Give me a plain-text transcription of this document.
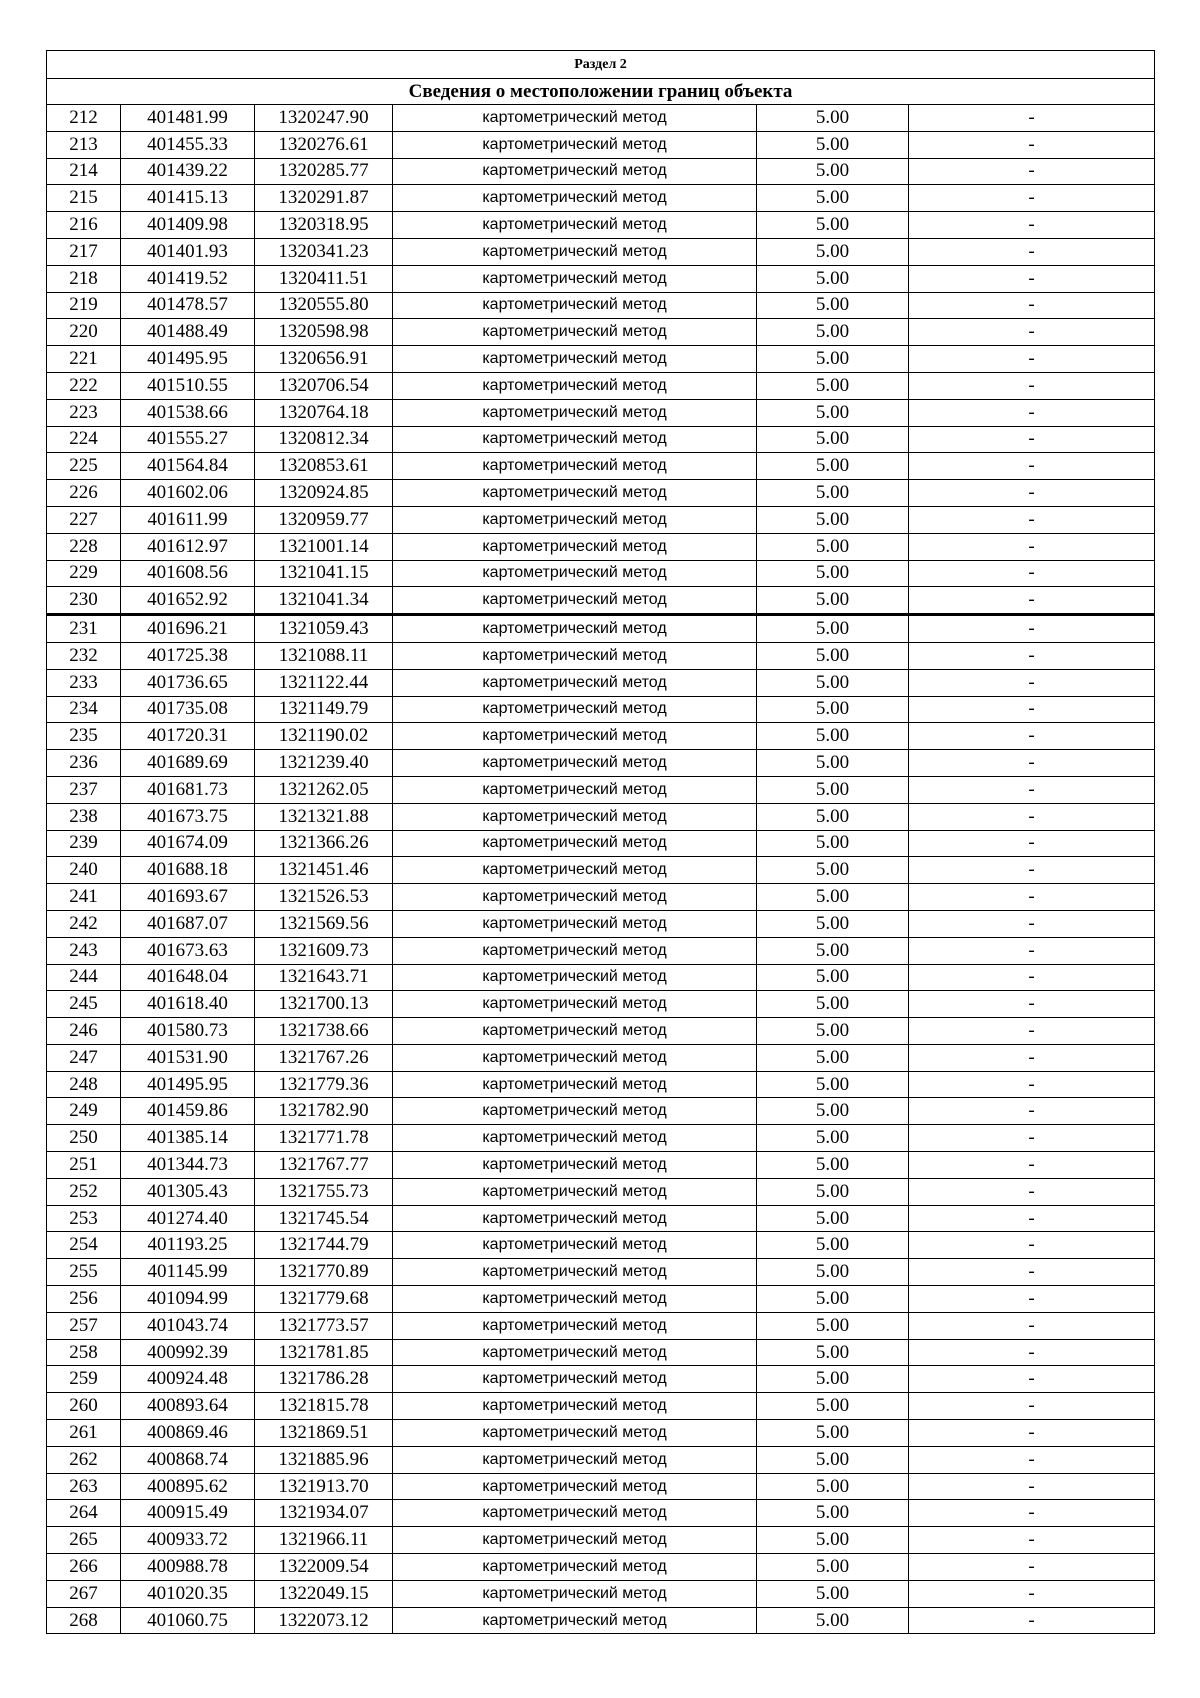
Раздел 2					
Сведения о местоположении границ объекта					
212	401481.99	1320247.90	картометрический метод	5.00	-
213	401455.33	1320276.61	картометрический метод	5.00	-
214	401439.22	1320285.77	картометрический метод	5.00	-
215	401415.13	1320291.87	картометрический метод	5.00	-
216	401409.98	1320318.95	картометрический метод	5.00	-
217	401401.93	1320341.23	картометрический метод	5.00	-
218	401419.52	1320411.51	картометрический метод	5.00	-
219	401478.57	1320555.80	картометрический метод	5.00	-
220	401488.49	1320598.98	картометрический метод	5.00	-
221	401495.95	1320656.91	картометрический метод	5.00	-
222	401510.55	1320706.54	картометрический метод	5.00	-
223	401538.66	1320764.18	картометрический метод	5.00	-
224	401555.27	1320812.34	картометрический метод	5.00	-
225	401564.84	1320853.61	картометрический метод	5.00	-
226	401602.06	1320924.85	картометрический метод	5.00	-
227	401611.99	1320959.77	картометрический метод	5.00	-
228	401612.97	1321001.14	картометрический метод	5.00	-
229	401608.56	1321041.15	картометрический метод	5.00	-
230	401652.92	1321041.34	картометрический метод	5.00	-
231	401696.21	1321059.43	картометрический метод	5.00	-
232	401725.38	1321088.11	картометрический метод	5.00	-
233	401736.65	1321122.44	картометрический метод	5.00	-
234	401735.08	1321149.79	картометрический метод	5.00	-
235	401720.31	1321190.02	картометрический метод	5.00	-
236	401689.69	1321239.40	картометрический метод	5.00	-
237	401681.73	1321262.05	картометрический метод	5.00	-
238	401673.75	1321321.88	картометрический метод	5.00	-
239	401674.09	1321366.26	картометрический метод	5.00	-
240	401688.18	1321451.46	картометрический метод	5.00	-
241	401693.67	1321526.53	картометрический метод	5.00	-
242	401687.07	1321569.56	картометрический метод	5.00	-
243	401673.63	1321609.73	картометрический метод	5.00	-
244	401648.04	1321643.71	картометрический метод	5.00	-
245	401618.40	1321700.13	картометрический метод	5.00	-
246	401580.73	1321738.66	картометрический метод	5.00	-
247	401531.90	1321767.26	картометрический метод	5.00	-
248	401495.95	1321779.36	картометрический метод	5.00	-
249	401459.86	1321782.90	картометрический метод	5.00	-
250	401385.14	1321771.78	картометрический метод	5.00	-
251	401344.73	1321767.77	картометрический метод	5.00	-
252	401305.43	1321755.73	картометрический метод	5.00	-
253	401274.40	1321745.54	картометрический метод	5.00	-
254	401193.25	1321744.79	картометрический метод	5.00	-
255	401145.99	1321770.89	картометрический метод	5.00	-
256	401094.99	1321779.68	картометрический метод	5.00	-
257	401043.74	1321773.57	картометрический метод	5.00	-
258	400992.39	1321781.85	картометрический метод	5.00	-
259	400924.48	1321786.28	картометрический метод	5.00	-
260	400893.64	1321815.78	картометрический метод	5.00	-
261	400869.46	1321869.51	картометрический метод	5.00	-
262	400868.74	1321885.96	картометрический метод	5.00	-
263	400895.62	1321913.70	картометрический метод	5.00	-
264	400915.49	1321934.07	картометрический метод	5.00	-
265	400933.72	1321966.11	картометрический метод	5.00	-
266	400988.78	1322009.54	картометрический метод	5.00	-
267	401020.35	1322049.15	картометрический метод	5.00	-
268	401060.75	1322073.12	картометрический метод	5.00	-
